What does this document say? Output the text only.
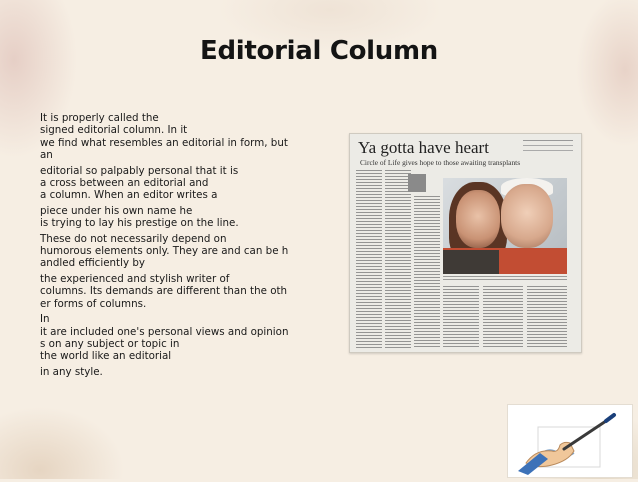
Editorial Column

It is properly called the
signed editorial column. In it
we find what resembles an editorial in form, but
an

editorial so palpably personal that it is
a cross between an editorial and
a column. When an editor writes a

piece under his own name he
is trying to lay his prestige on the line.

These do not necessarily depend on
humorous elements only. They are and can be h
andled efficiently by

the experienced and stylish writer of
columns. Its demands are different than the oth
er forms of columns.

In
it are included one's personal views and opinion
s on any subject or topic in
the world like an editorial

in any style.

Ya gotta have heart
Circle of Life gives hope to those awaiting transplants
